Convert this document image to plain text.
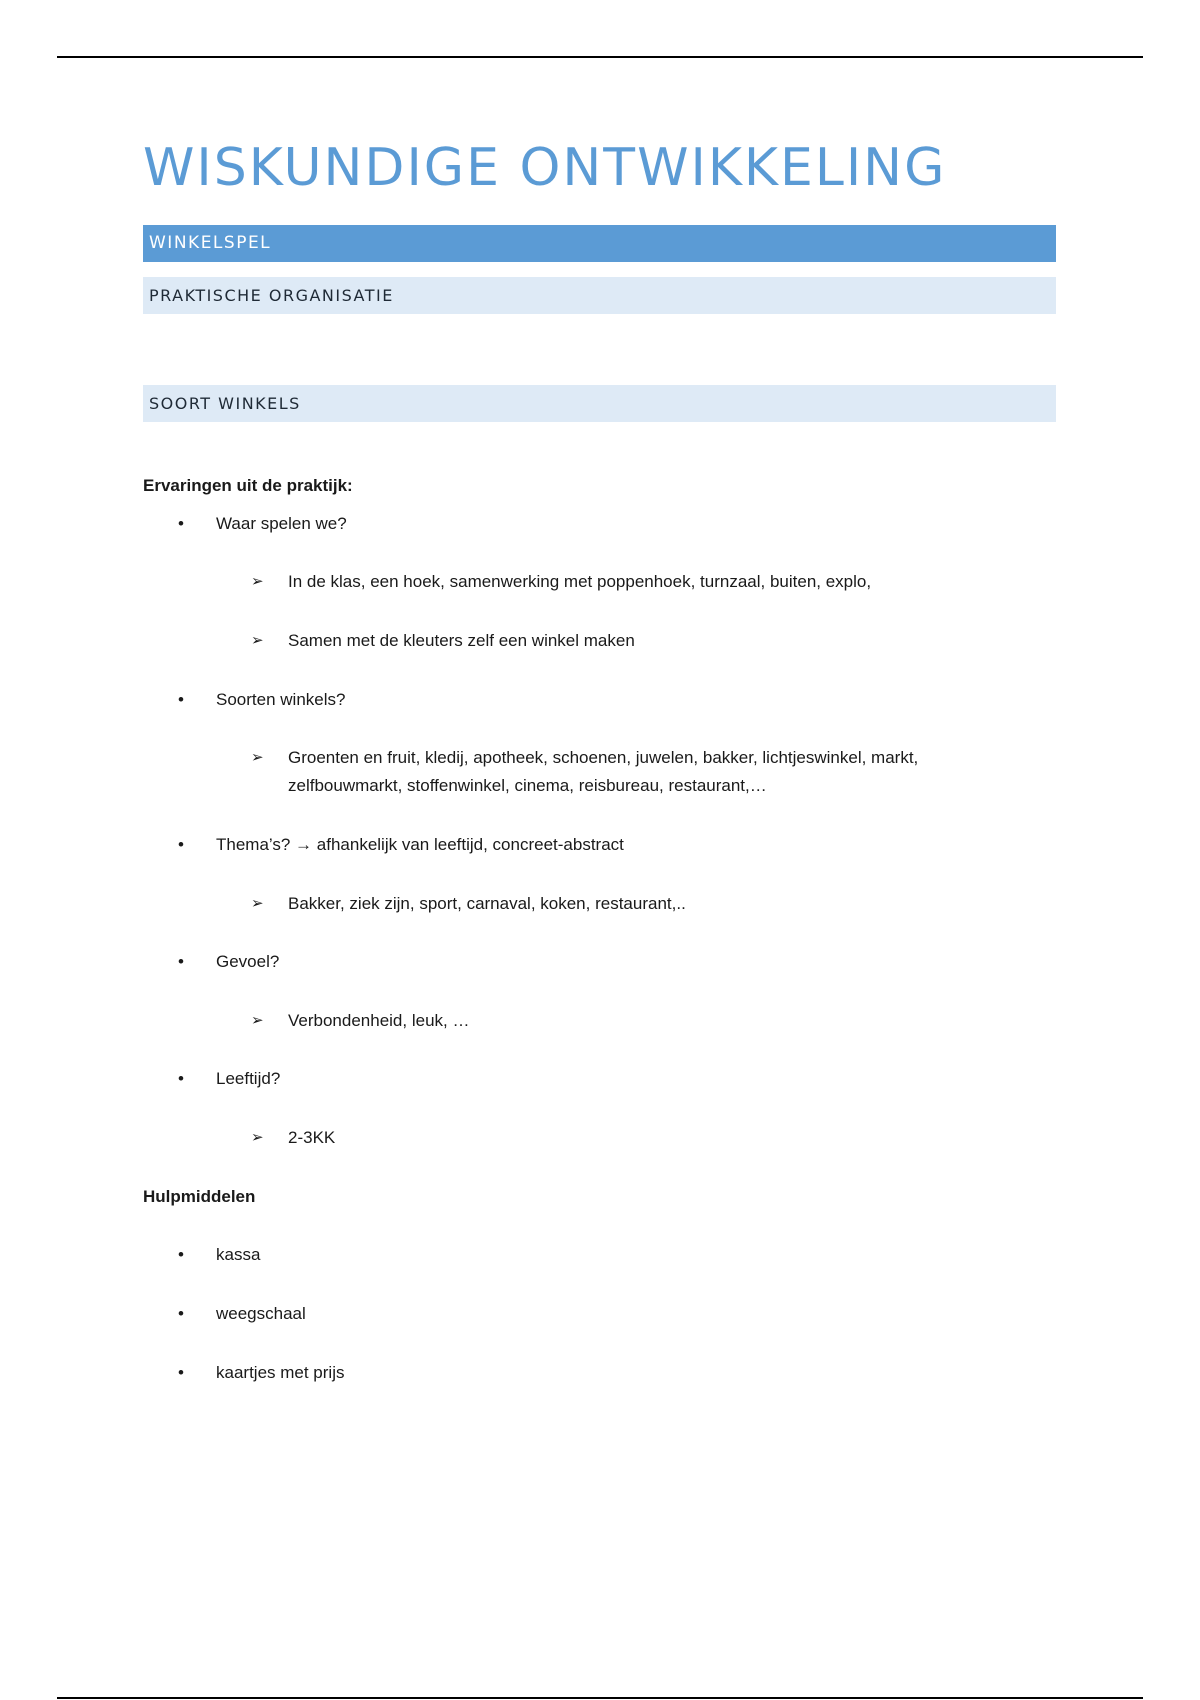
WISKUNDIGE ONTWIKKELING
WINKELSPEL
PRAKTISCHE ORGANISATIE
SOORT WINKELS
Ervaringen uit de praktijk:
• Waar spelen we?
➢ In de klas, een hoek, samenwerking met poppenhoek, turnzaal, buiten, explo,
➢ Samen met de kleuters zelf een winkel maken
• Soorten winkels?
➢ Groenten en fruit, kledij, apotheek, schoenen, juwelen, bakker, lichtjeswinkel, markt, zelfbouwmarkt, stoffenwinkel, cinema, reisbureau, restaurant,…
• Thema’s? → afhankelijk van leeftijd, concreet-abstract
➢ Bakker, ziek zijn, sport, carnaval, koken, restaurant,..
• Gevoel?
➢ Verbondenheid, leuk, …
• Leeftijd?
➢ 2-3KK
Hulpmiddelen
• kassa
• weegschaal
• kaartjes met prijs
